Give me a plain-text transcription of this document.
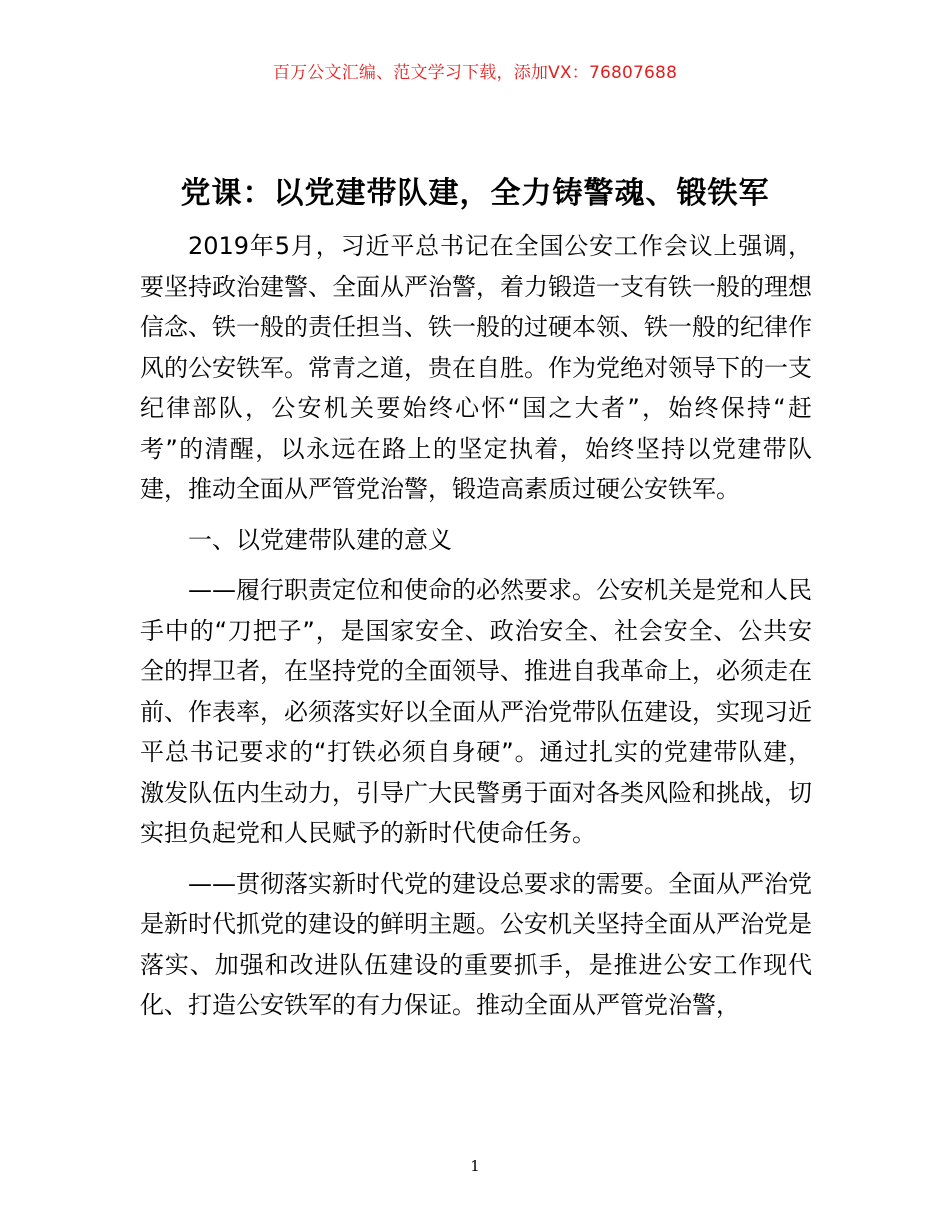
百万公文汇编、范文学习下载，添加VX：76807688
党课：以党建带队建，全力铸警魂、锻铁军

2019年5月，习近平总书记在全国公安工作会议上强调，要坚持政治建警、全面从严治警，着力锻造一支有铁一般的理想信念、铁一般的责任担当、铁一般的过硬本领、铁一般的纪律作风的公安铁军。常青之道，贵在自胜。作为党绝对领导下的一支纪律部队，公安机关要始终心怀“国之大者”，始终保持“赶考”的清醒，以永远在路上的坚定执着，始终坚持以党建带队建，推动全面从严管党治警，锻造高素质过硬公安铁军。

一、以党建带队建的意义

——履行职责定位和使命的必然要求。公安机关是党和人民手中的“刀把子”，是国家安全、政治安全、社会安全、公共安全的捍卫者，在坚持党的全面领导、推进自我革命上，必须走在前、作表率，必须落实好以全面从严治党带队伍建设，实现习近平总书记要求的“打铁必须自身硬”。通过扎实的党建带队建，激发队伍内生动力，引导广大民警勇于面对各类风险和挑战，切实担负起党和人民赋予的新时代使命任务。

——贯彻落实新时代党的建设总要求的需要。全面从严治党是新时代抓党的建设的鲜明主题。公安机关坚持全面从严治党是落实、加强和改进队伍建设的重要抓手，是推进公安工作现代化、打造公安铁军的有力保证。推动全面从严管党治警，

1
